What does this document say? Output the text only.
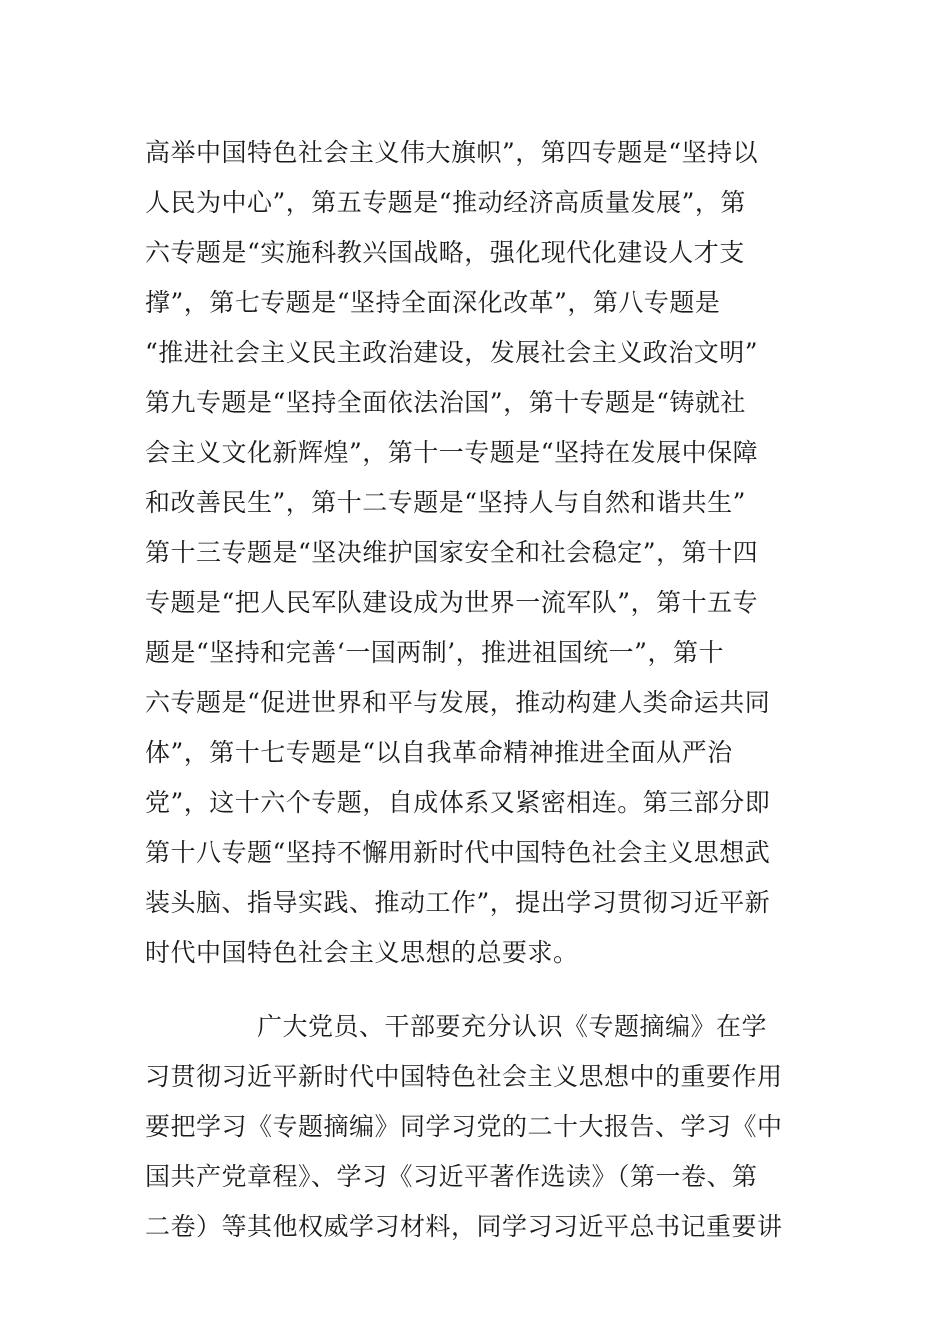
高举中国特色社会主义伟大旗帜”，第四专题是“坚持以
人民为中心”，第五专题是“推动经济高质量发展”，第
六专题是“实施科教兴国战略，强化现代化建设人才支
撑”，第七专题是“坚持全面深化改革”，第八专题是
“推进社会主义民主政治建设，发展社会主义政治文明”
第九专题是“坚持全面依法治国”，第十专题是“铸就社
会主义文化新辉煌”，第十一专题是“坚持在发展中保障
和改善民生”，第十二专题是“坚持人与自然和谐共生”
第十三专题是“坚决维护国家安全和社会稳定”，第十四
专题是“把人民军队建设成为世界一流军队”，第十五专
题是“坚持和完善‘一国两制’，推进祖国统一”，第十
六专题是“促进世界和平与发展，推动构建人类命运共同
体”，第十七专题是“以自我革命精神推进全面从严治
党”，这十六个专题，自成体系又紧密相连。第三部分即
第十八专题“坚持不懈用新时代中国特色社会主义思想武
装头脑、指导实践、推动工作”，提出学习贯彻习近平新
时代中国特色社会主义思想的总要求。
广大党员、干部要充分认识《专题摘编》在学
习贯彻习近平新时代中国特色社会主义思想中的重要作用
要把学习《专题摘编》同学习党的二十大报告、学习《中
国共产党章程》、学习《习近平著作选读》（第一卷、第
二卷）等其他权威学习材料，同学习习近平总书记重要讲
